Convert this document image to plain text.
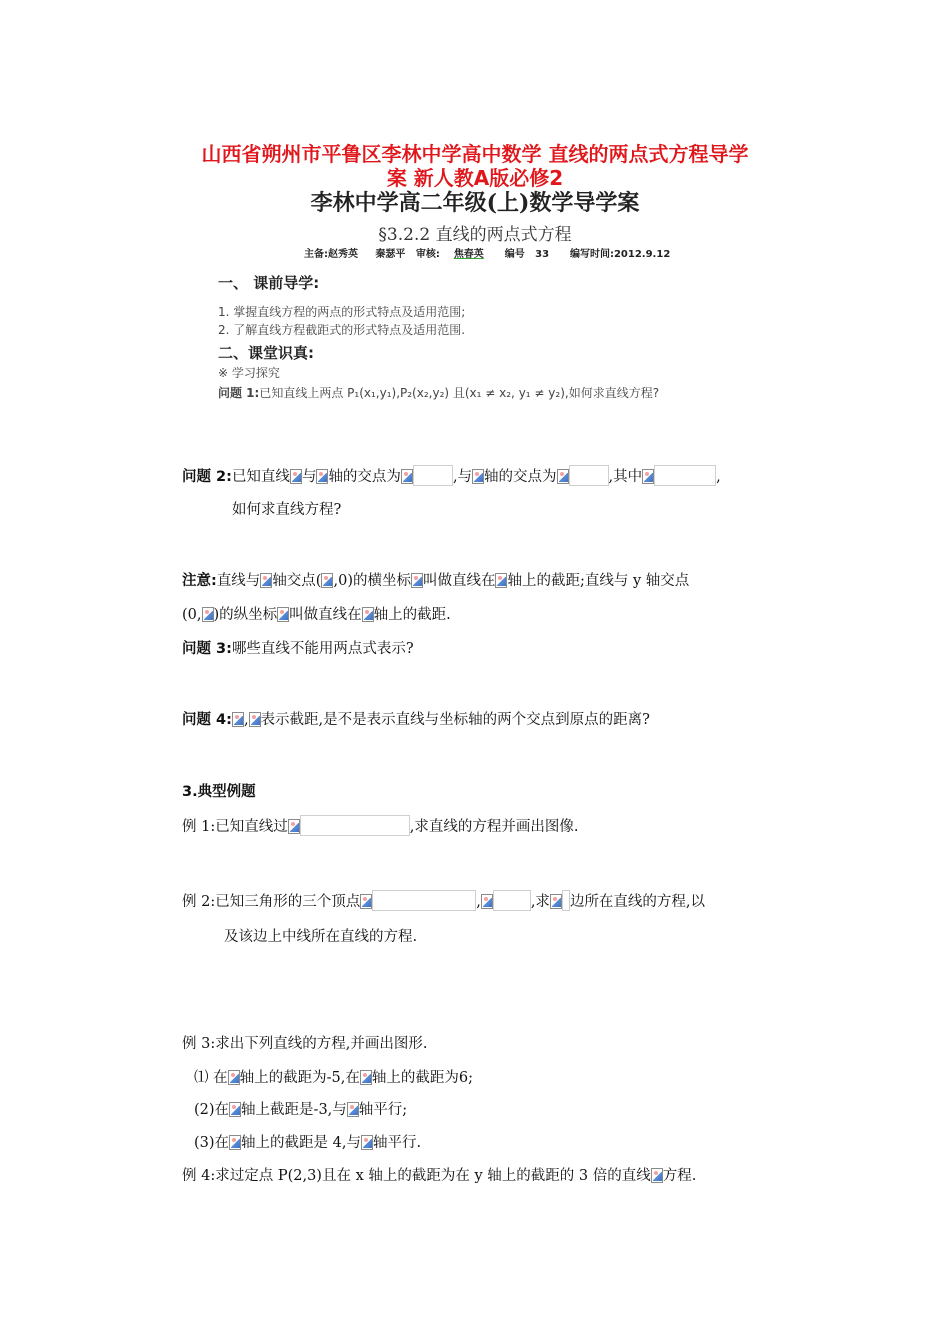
山西省朔州市平鲁区李林中学高中数学 直线的两点式方程导学
案 新人教A版必修2
李林中学高二年级(上)数学导学案
§3.2.2 直线的两点式方程
主备:赵秀英 秦瑟平 审核: 焦春英 编号 33 编写时间:2012.9.12
一、 课前导学:
1. 掌握直线方程的两点的形式特点及适用范围;
2. 了解直线方程截距式的形式特点及适用范围.
二、课堂识真:
※ 学习探究
问题 1:已知直线上两点 P₁(x₁,y₁),P₂(x₂,y₂) 且(x₁ ≠ x₂, y₁ ≠ y₂),如何求直线方程?
问题 2:已知直线 与 轴的交点为	,与 轴的交点为	,其中	,
如何求直线方程?
注意:直线与 轴交点( ,0)的横坐标 叫做直线在 轴上的截距;直线与 y 轴交点
(0, )的纵坐标 叫做直线在 轴上的截距.
问题 3:哪些直线不能用两点式表示?
问题 4: , 表示截距,是不是表示直线与坐标轴的两个交点到原点的距离?
3.典型例题
例 1:已知直线过	,求直线的方程并画出图像.
例 2:已知三角形的三个顶点	,	,求 边所在直线的方程,以
及该边上中线所在直线的方程.
例 3:求出下列直线的方程,并画出图形.
⑴ 在 轴上的截距为-5,在 轴上的截距为6;
(2)在 轴上截距是-3,与 轴平行;
(3)在 轴上的截距是 4,与 轴平行.
例 4:求过定点 P(2,3)且在 x 轴上的截距为在 y 轴上的截距的 3 倍的直线 方程.
